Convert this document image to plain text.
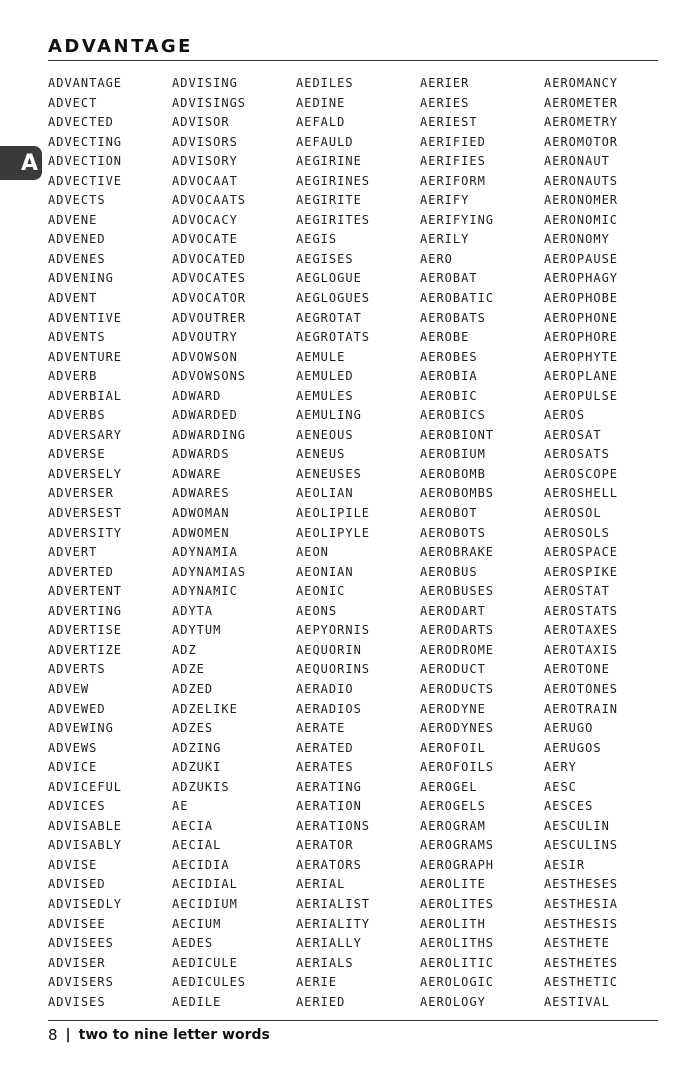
ADVANTAGE
A
ADVANTAGE
ADVECT
ADVECTED
ADVECTING
ADVECTION
ADVECTIVE
ADVECTS
ADVENE
ADVENED
ADVENES
ADVENING
ADVENT
ADVENTIVE
ADVENTS
ADVENTURE
ADVERB
ADVERBIAL
ADVERBS
ADVERSARY
ADVERSE
ADVERSELY
ADVERSER
ADVERSEST
ADVERSITY
ADVERT
ADVERTED
ADVERTENT
ADVERTING
ADVERTISE
ADVERTIZE
ADVERTS
ADVEW
ADVEWED
ADVEWING
ADVEWS
ADVICE
ADVICEFUL
ADVICES
ADVISABLE
ADVISABLY
ADVISE
ADVISED
ADVISEDLY
ADVISEE
ADVISEES
ADVISER
ADVISERS
ADVISES
ADVISING
ADVISINGS
ADVISOR
ADVISORS
ADVISORY
ADVOCAAT
ADVOCAATS
ADVOCACY
ADVOCATE
ADVOCATED
ADVOCATES
ADVOCATOR
ADVOUTRER
ADVOUTRY
ADVOWSON
ADVOWSONS
ADWARD
ADWARDED
ADWARDING
ADWARDS
ADWARE
ADWARES
ADWOMAN
ADWOMEN
ADYNAMIA
ADYNAMIAS
ADYNAMIC
ADYTA
ADYTUM
ADZ
ADZE
ADZED
ADZELIKE
ADZES
ADZING
ADZUKI
ADZUKIS
AE
AECIA
AECIAL
AECIDIA
AECIDIAL
AECIDIUM
AECIUM
AEDES
AEDICULE
AEDICULES
AEDILE
AEDILES
AEDINE
AEFALD
AEFAULD
AEGIRINE
AEGIRINES
AEGIRITE
AEGIRITES
AEGIS
AEGISES
AEGLOGUE
AEGLOGUES
AEGROTAT
AEGROTATS
AEMULE
AEMULED
AEMULES
AEMULING
AENEOUS
AENEUS
AENEUSES
AEOLIAN
AEOLIPILE
AEOLIPYLE
AEON
AEONIAN
AEONIC
AEONS
AEPYORNIS
AEQUORIN
AEQUORINS
AERADIO
AERADIOS
AERATE
AERATED
AERATES
AERATING
AERATION
AERATIONS
AERATOR
AERATORS
AERIAL
AERIALIST
AERIALITY
AERIALLY
AERIALS
AERIE
AERIED
AERIER
AERIES
AERIEST
AERIFIED
AERIFIES
AERIFORM
AERIFY
AERIFYING
AERILY
AERO
AEROBAT
AEROBATIC
AEROBATS
AEROBE
AEROBES
AEROBIA
AEROBIC
AEROBICS
AEROBIONT
AEROBIUM
AEROBOMB
AEROBOMBS
AEROBOT
AEROBOTS
AEROBRAKE
AEROBUS
AEROBUSES
AERODART
AERODARTS
AERODROME
AERODUCT
AERODUCTS
AERODYNE
AERODYNES
AEROFOIL
AEROFOILS
AEROGEL
AEROGELS
AEROGRAM
AEROGRAMS
AEROGRAPH
AEROLITE
AEROLITES
AEROLITH
AEROLITHS
AEROLITIC
AEROLOGIC
AEROLOGY
AEROMANCY
AEROMETER
AEROMETRY
AEROMOTOR
AERONAUT
AERONAUTS
AERONOMER
AERONOMIC
AERONOMY
AEROPAUSE
AEROPHAGY
AEROPHOBE
AEROPHONE
AEROPHORE
AEROPHYTE
AEROPLANE
AEROPULSE
AEROS
AEROSAT
AEROSATS
AEROSCOPE
AEROSHELL
AEROSOL
AEROSOLS
AEROSPACE
AEROSPIKE
AEROSTAT
AEROSTATS
AEROTAXES
AEROTAXIS
AEROTONE
AEROTONES
AEROTRAIN
AERUGO
AERUGOS
AERY
AESC
AESCES
AESCULIN
AESCULINS
AESIR
AESTHESES
AESTHESIA
AESTHESIS
AESTHETE
AESTHETES
AESTHETIC
AESTIVAL
8 | two to nine letter words
